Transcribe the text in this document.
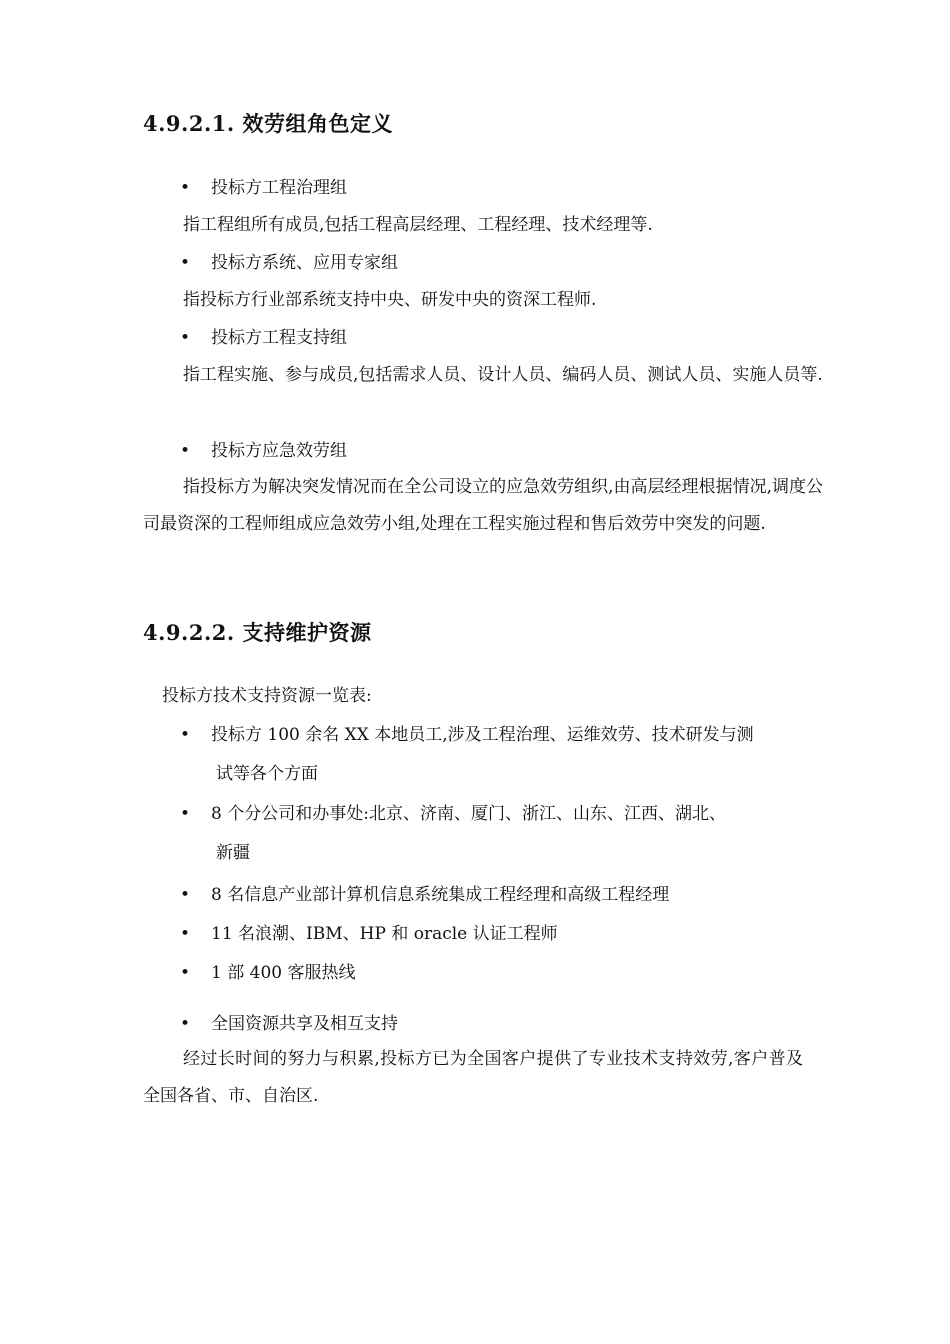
4.9.2.1. 效劳组角色定义
• 投标方工程治理组
指工程组所有成员,包括工程高层经理、工程经理、技术经理等.
• 投标方系统、应用专家组
指投标方行业部系统支持中央、研发中央的资深工程师.
• 投标方工程支持组
指工程实施、参与成员,包括需求人员、设计人员、编码人员、测试人员、实施人员等.
• 投标方应急效劳组
指投标方为解决突发情况而在全公司设立的应急效劳组织,由高层经理根据情况,调度公司最资深的工程师组成应急效劳小组,处理在工程实施过程和售后效劳中突发的问题.
4.9.2.2. 支持维护资源
投标方技术支持资源一览表:
• 投标方 100 余名 XX 本地员工,涉及工程治理、运维效劳、技术研发与测
试等各个方面
• 8 个分公司和办事处:北京、济南、厦门、浙江、山东、江西、湖北、
新疆
• 8 名信息产业部计算机信息系统集成工程经理和高级工程经理
• 11 名浪潮、IBM、HP 和 oracle 认证工程师
• 1 部 400 客服热线
• 全国资源共享及相互支持
经过长时间的努力与积累,投标方已为全国客户提供了专业技术支持效劳,客户普及全国各省、市、自治区.
